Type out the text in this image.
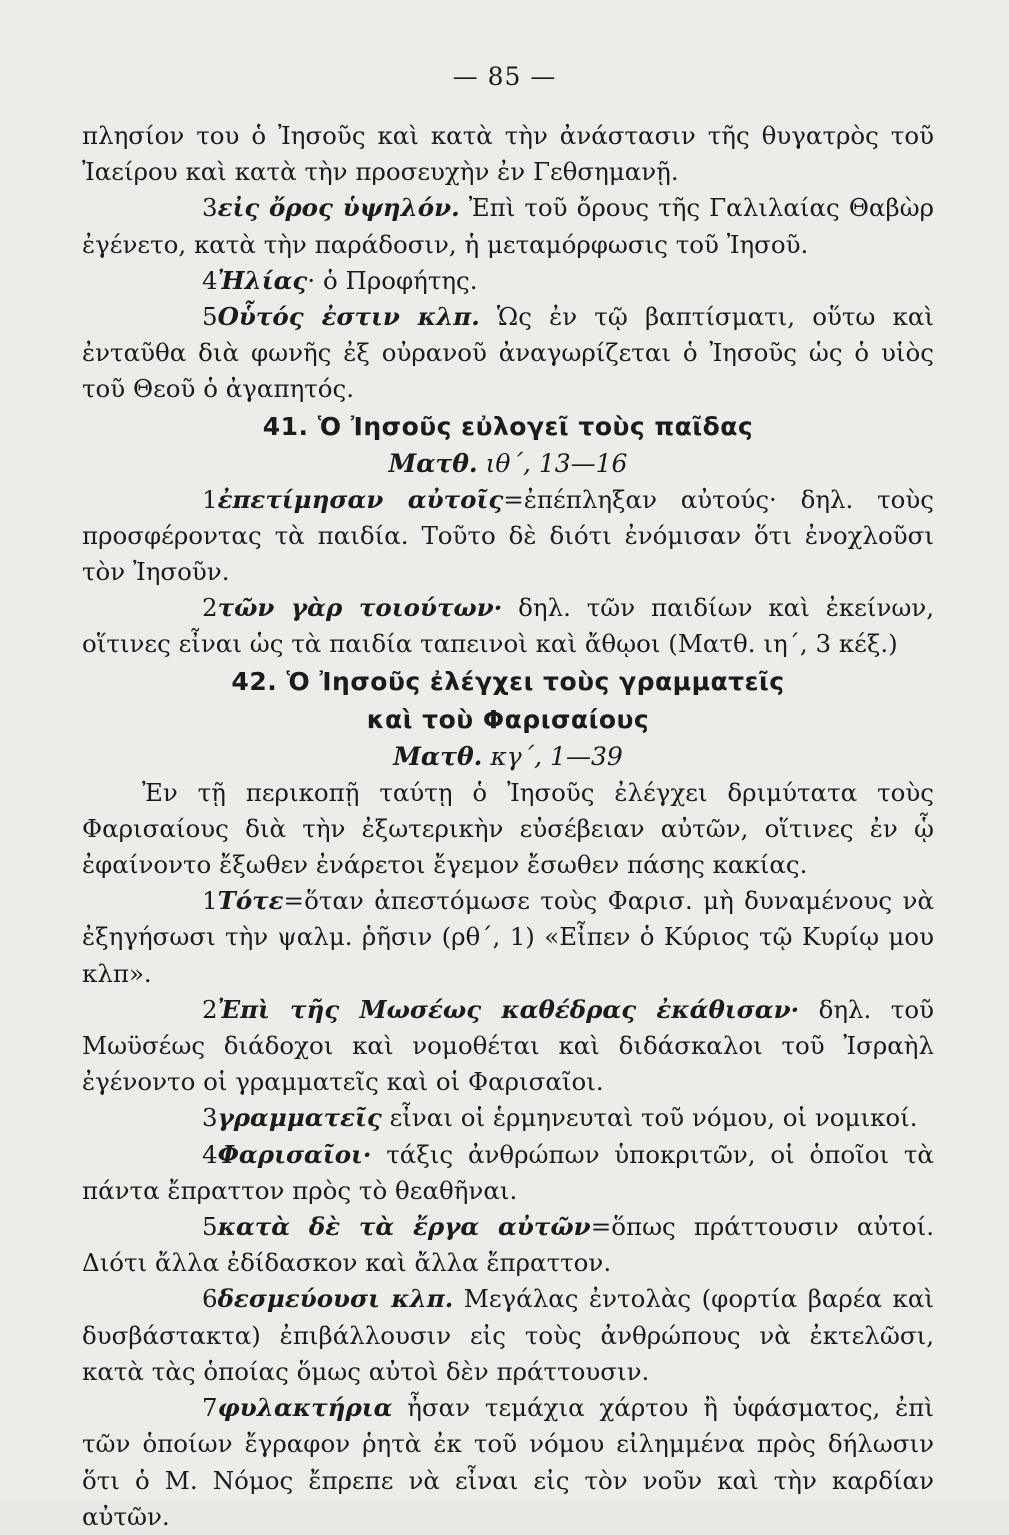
— 85 —

πλησίον του ὁ Ἰησοῦς καὶ κατὰ τὴν ἀνάστασιν τῆς θυγατρὸς τοῦ Ἰαείρου καὶ κατὰ τὴν προσευχὴν ἐν Γεθσημανῇ.

3εἰς ὄρος ὑψηλόν. Ἐπὶ τοῦ ὄρους τῆς Γαλιλαίας Θαβὼρ ἐγένετο, κατὰ τὴν παράδοσιν, ἡ μεταμόρφωσις τοῦ Ἰησοῦ.

4Ἠλίας· ὁ Προφήτης.

5Οὗτός ἐστιν κλπ. Ὡς ἐν τῷ βαπτίσματι, οὕτω καὶ ἐνταῦθα διὰ φωνῆς ἐξ οὐρανοῦ ἀναγωρίζεται ὁ Ἰησοῦς ὡς ὁ υἱὸς τοῦ Θεοῦ ὁ ἀγαπητός.

41. Ὁ Ἰησοῦς εὐλογεῖ τοὺς παῖδας
Ματθ. ιθ΄, 13—16

1ἐπετίμησαν αὐτοῖς=ἐπέπληξαν αὐτούς· δηλ. τοὺς προσφέροντας τὰ παιδία. Τοῦτο δὲ διότι ἐνόμισαν ὅτι ἐνοχλοῦσι τὸν Ἰησοῦν.

2τῶν γὰρ τοιούτων· δηλ. τῶν παιδίων καὶ ἐκείνων, οἵτινες εἶναι ὡς τὰ παιδία ταπεινοὶ καὶ ἄθῳοι (Ματθ. ιη΄, 3 κέξ.)

42. Ὁ Ἰησοῦς ἐλέγχει τοὺς γραμματεῖς
καὶ τοὺ Φαρισαίους
Ματθ. κγ΄, 1—39

Ἐν τῇ περικοπῇ ταύτῃ ὁ Ἰησοῦς ἐλέγχει δριμύτατα τοὺς Φαρισαίους διὰ τὴν ἐξωτερικὴν εὐσέβειαν αὐτῶν, οἵτινες ἐν ᾧ ἐφαίνοντο ἔξωθεν ἐνάρετοι ἔγεμον ἔσωθεν πάσης κακίας.

1Τότε=ὅταν ἀπεστόμωσε τοὺς Φαρισ. μὴ δυναμένους νὰ ἐξηγήσωσι τὴν ψαλμ. ῥῆσιν (ρθ΄, 1) «Εἶπεν ὁ Κύριος τῷ Κυρίῳ μου κλπ».

2Ἐπὶ τῆς Μωσέως καθέδρας ἐκάθισαν· δηλ. τοῦ Μωϋσέως διάδοχοι καὶ νομοθέται καὶ διδάσκαλοι τοῦ Ἰσραὴλ ἐγένοντο οἱ γραμματεῖς καὶ οἱ Φαρισαῖοι.

3γραμματεῖς εἶναι οἱ ἑρμηνευταὶ τοῦ νόμου, οἱ νομικοί.

4Φαρισαῖοι· τάξις ἀνθρώπων ὑποκριτῶν, οἱ ὁποῖοι τὰ πάντα ἔπραττον πρὸς τὸ θεαθῆναι.

5κατὰ δὲ τὰ ἔργα αὐτῶν=ὅπως πράττουσιν αὐτοί. Διότι ἄλλα ἐδίδασκον καὶ ἄλλα ἔπραττον.

6δεσμεύουσι κλπ. Μεγάλας ἐντολὰς (φορτία βαρέα καὶ δυσβάστακτα) ἐπιβάλλουσιν εἰς τοὺς ἀνθρώπους νὰ ἐκτελῶσι, κατὰ τὰς ὁποίας ὅμως αὐτοὶ δὲν πράττουσιν.

7φυλακτήρια ἦσαν τεμάχια χάρτου ἢ ὑφάσματος, ἐπὶ τῶν ὁποίων ἔγραφον ῥητὰ ἐκ τοῦ νόμου εἰλημμένα πρὸς δήλωσιν ὅτι ὁ Μ. Νόμος ἔπρεπε νὰ εἶναι εἰς τὸν νοῦν καὶ τὴν καρδίαν αὐτῶν.
